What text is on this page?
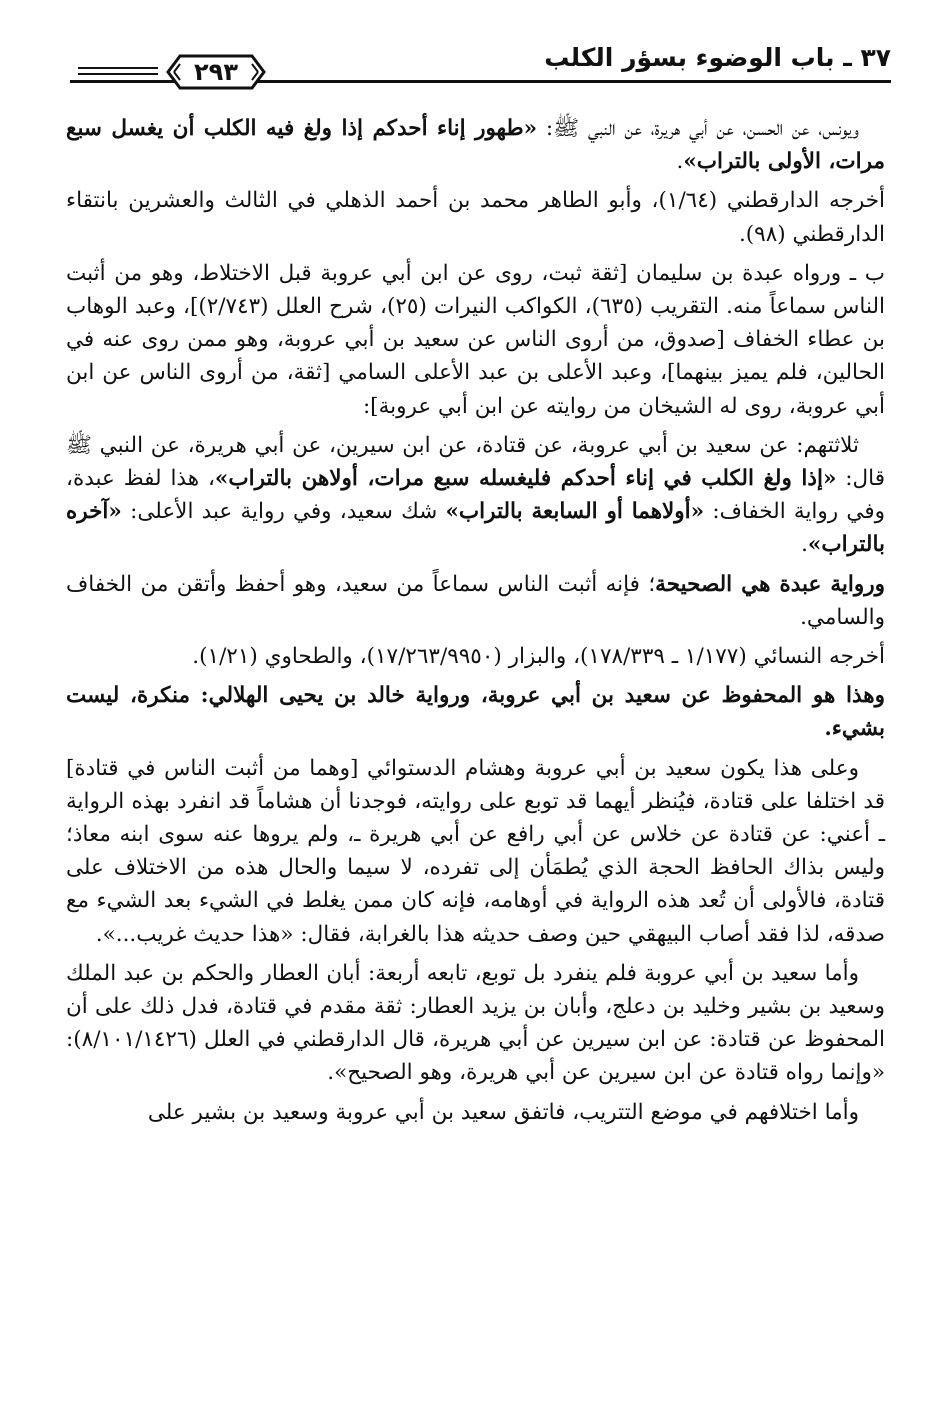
٣٧ ـ باب الوضوء بسؤر الكلب
٢٩٣

ويونس، عن الحسن، عن أبي هريرة، عن النبي ﷺ: «طهور إناء أحدكم إذا ولغ فيه الكلب أن يغسل سبع مرات، الأولى بالتراب».

أخرجه الدارقطني (١/٦٤)، وأبو الطاهر محمد بن أحمد الذهلي في الثالث والعشرين بانتقاء الدارقطني (٩٨).

ب ـ ورواه عبدة بن سليمان [ثقة ثبت، روى عن ابن أبي عروبة قبل الاختلاط، وهو من أثبت الناس سماعاً منه. التقريب (٦٣٥)، الكواكب النيرات (٢٥)، شرح العلل (٢/٧٤٣)]، وعبد الوهاب بن عطاء الخفاف [صدوق، من أروى الناس عن سعيد بن أبي عروبة، وهو ممن روى عنه في الحالين، فلم يميز بينهما]، وعبد الأعلى بن عبد الأعلى السامي [ثقة، من أروى الناس عن ابن أبي عروبة، روى له الشيخان من روايته عن ابن أبي عروبة]:

ثلاثتهم: عن سعيد بن أبي عروبة، عن قتادة، عن ابن سيرين، عن أبي هريرة، عن النبي ﷺ قال: «إذا ولغ الكلب في إناء أحدكم فليغسله سبع مرات، أولاهن بالتراب»، هذا لفظ عبدة، وفي رواية الخفاف: «أولاهما أو السابعة بالتراب» شك سعيد، وفي رواية عبد الأعلى: «آخره بالتراب».

ورواية عبدة هي الصحيحة؛ فإنه أثبت الناس سماعاً من سعيد، وهو أحفظ وأتقن من الخفاف والسامي.

أخرجه النسائي (١/١٧٧ ـ ١٧٨/٣٣٩)، والبزار (١٧/٢٦٣/٩٩٥٠)، والطحاوي (١/٢١).

وهذا هو المحفوظ عن سعيد بن أبي عروبة، ورواية خالد بن يحيى الهلالي: منكرة، ليست بشيء.

وعلى هذا يكون سعيد بن أبي عروبة وهشام الدستوائي [وهما من أثبت الناس في قتادة] قد اختلفا على قتادة، فيُنظر أيهما قد توبع على روايته، فوجدنا أن هشاماً قد انفرد بهذه الرواية ـ أعني: عن قتادة عن خلاس عن أبي رافع عن أبي هريرة ـ، ولم يروها عنه سوى ابنه معاذ؛ وليس بذاك الحافظ الحجة الذي يُطمَأن إلى تفرده، لا سيما والحال هذه من الاختلاف على قتادة، فالأولى أن تُعد هذه الرواية في أوهامه، فإنه كان ممن يغلط في الشيء بعد الشيء مع صدقه، لذا فقد أصاب البيهقي حين وصف حديثه هذا بالغرابة، فقال: «هذا حديث غريب...».

وأما سعيد بن أبي عروبة فلم ينفرد بل توبع، تابعه أربعة: أبان العطار والحكم بن عبد الملك وسعيد بن بشير وخليد بن دعلج، وأبان بن يزيد العطار: ثقة مقدم في قتادة، فدل ذلك على أن المحفوظ عن قتادة: عن ابن سيرين عن أبي هريرة، قال الدارقطني في العلل (٨/١٠١/١٤٢٦): «وإنما رواه قتادة عن ابن سيرين عن أبي هريرة، وهو الصحيح».

وأما اختلافهم في موضع التتريب، فاتفق سعيد بن أبي عروبة وسعيد بن بشير على
